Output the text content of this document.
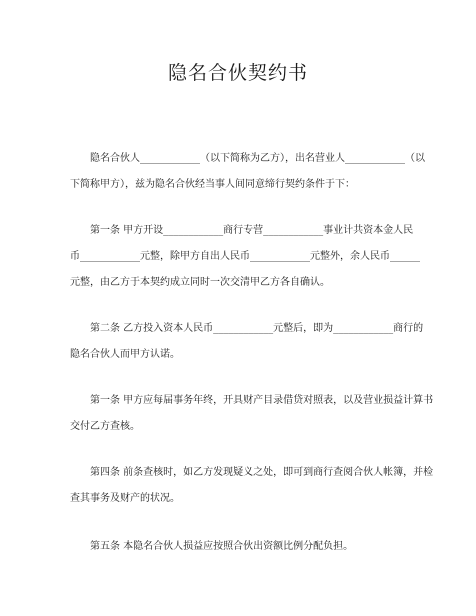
隐名合伙契约书
隐名合伙人____________（以下简称为乙方），出名营业人____________（以
下简称甲方），兹为隐名合伙经当事人间同意缔行契约条件于下：
第一条 甲方开设____________商行专营____________事业计共资本金人民
币____________元整，除甲方自出人民币____________元整外，余人民币______
元整，由乙方于本契约成立同时一次交清甲乙方各自确认。
第二条 乙方投入资本人民币____________元整后，即为____________商行的
隐名合伙人而甲方认诺。
第一条 甲方应每届事务年终，开具财产目录借贷对照表，以及营业损益计算书
交付乙方查核。
第四条 前条查核时，如乙方发现疑义之处，即可到商行查阅合伙人帐簿，并检
查其事务及财产的状况。
第五条 本隐名合伙人损益应按照合伙出资额比例分配负担。
